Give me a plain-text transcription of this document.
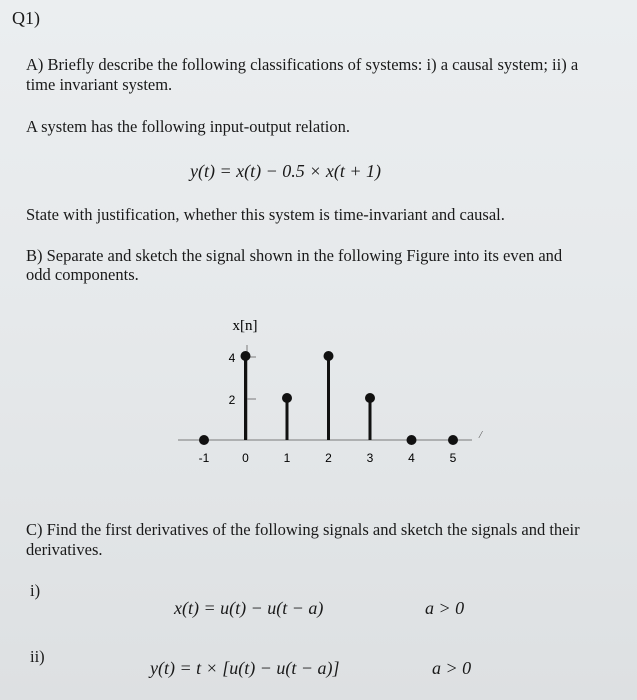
Q1)
A) Briefly describe the following classifications of systems: i) a causal system; ii) a
time invariant system.
A system has the following input-output relation.
y(t) = x(t) − 0.5 × x(t + 1)
State with justification, whether this system is time-invariant and causal.
B) Separate and sketch the signal shown in the following Figure into its even and
odd components.
x[n]
4
2
/
-1	0	1	2	3	4	5
C) Find the first derivatives of the following signals and sketch the signals and their
derivatives.
i)
x(t) = u(t) − u(t − a)	a > 0
ii)
y(t) = t × [u(t) − u(t − a)]	a > 0
